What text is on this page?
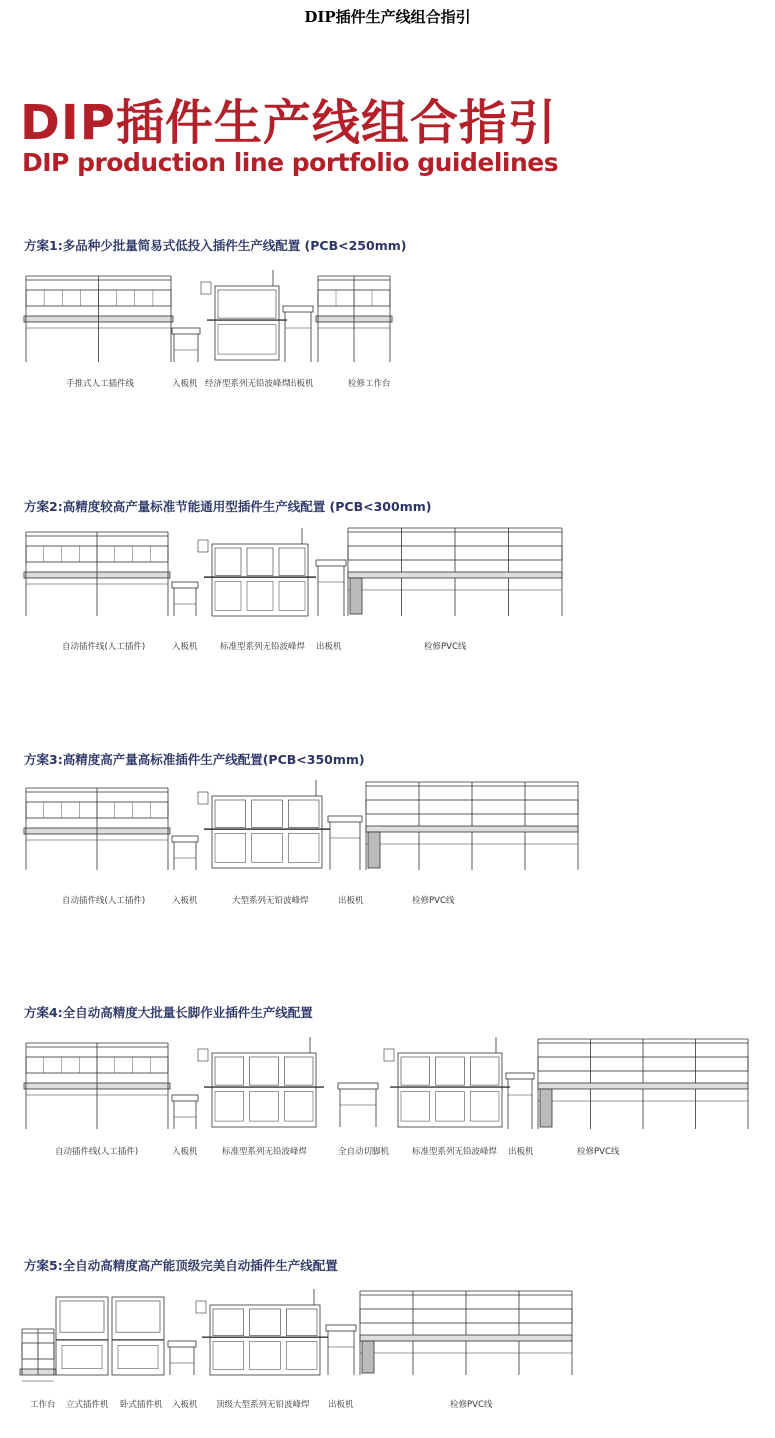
DIP插件生产线组合指引
DIP插件生产线组合指引
DIP production line portfolio guidelines
方案1:多品种少批量简易式低投入插件生产线配置 (PCB<250mm)
手推式人工插件线	入板机 经济型系列无铅波峰焊
出板机	检修工作台
方案2:高精度较高产量标准节能通用型插件生产线配置 (PCB<300mm)
自动插件线(人工插件)	入板机	标准型系列无铅波峰焊 出板机	检修PVC线
方案3:高精度高产量高标准插件生产线配置(PCB<350mm)
自动插件线(人工插件)	入板机	大型系列无铅波峰焊	出板机	检修PVC线
方案4:全自动高精度大批量长脚作业插件生产线配置
自动插件线(人工插件)	入板机	标准型系列无铅波峰焊	全自动切脚机	标准型系列无铅波峰焊 出板机	检修PVC线
方案5:全自动高精度高产能顶级完美自动插件生产线配置
工作台 立式插件机 卧式插件机 入板机 顶级大型系列无铅波峰焊 出板机	检修PVC线
